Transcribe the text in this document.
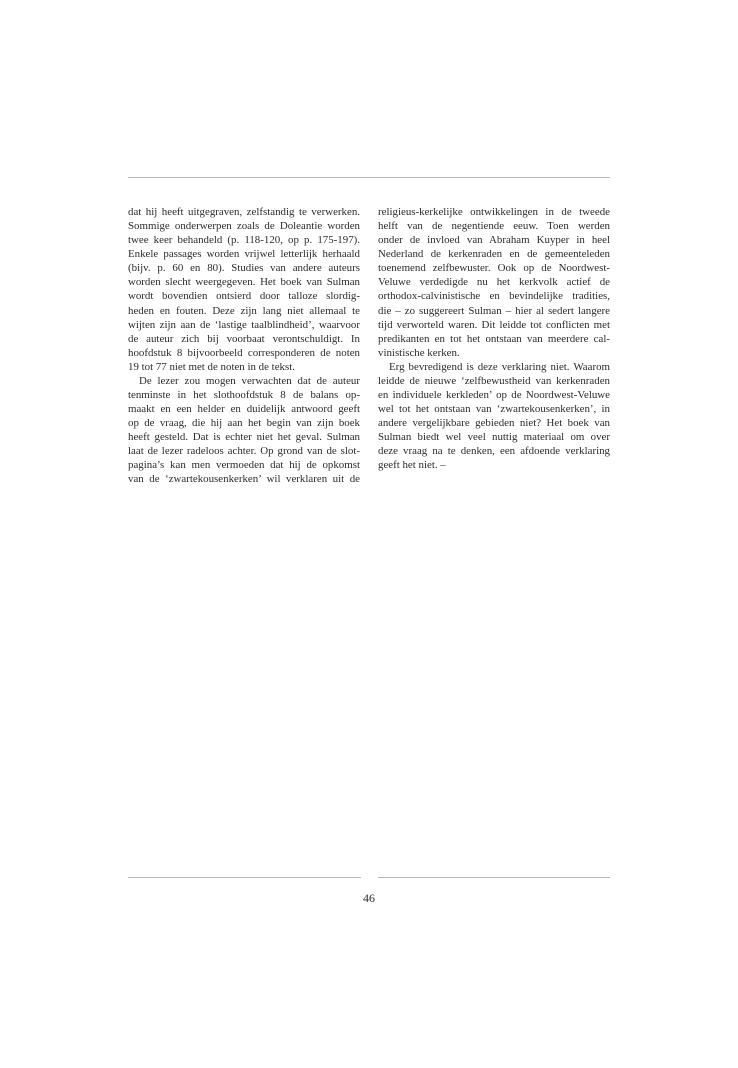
dat hij heeft uitgegraven, zelfstandig te verwerken.
Sommige onderwerpen zoals de Doleantie worden
twee keer behandeld (p. 118-120, op p. 175-197).
Enkele passages worden vrijwel letterlijk herhaald
(bijv. p. 60 en 80). Studies van andere auteurs
worden slecht weergegeven. Het boek van Sulman
wordt bovendien ontsierd door talloze slordig-
heden en fouten. Deze zijn lang niet allemaal te
wijten zijn aan de ‘lastige taalblindheid’, waarvoor
de auteur zich bij voorbaat verontschuldigt. In
hoofdstuk 8 bijvoorbeeld corresponderen de noten
19 tot 77 niet met de noten in de tekst.
De lezer zou mogen verwachten dat de auteur
tenminste in het slothoofdstuk 8 de balans op-
maakt en een helder en duidelijk antwoord geeft
op de vraag, die hij aan het begin van zijn boek
heeft gesteld. Dat is echter niet het geval. Sulman
laat de lezer radeloos achter. Op grond van de slot-
pagina’s kan men vermoeden dat hij de opkomst
van de ‘zwartekousenkerken’ wil verklaren uit de
religieus-kerkelijke ontwikkelingen in de tweede
helft van de negentiende eeuw. Toen werden
onder de invloed van Abraham Kuyper in heel
Nederland de kerkenraden en de gemeenteleden
toenemend zelfbewuster. Ook op de Noordwest-
Veluwe verdedigde nu het kerkvolk actief de
orthodox-calvinistische en bevindelijke tradities,
die – zo suggereert Sulman – hier al sedert langere
tijd verworteld waren. Dit leidde tot conflicten met
predikanten en tot het ontstaan van meerdere cal-
vinistische kerken.
Erg bevredigend is deze verklaring niet. Waarom
leidde de nieuwe ‘zelfbewustheid van kerkenraden
en individuele kerkleden’ op de Noordwest-Veluwe
wel tot het ontstaan van ‘zwartekousenkerken’, in
andere vergelijkbare gebieden niet? Het boek van
Sulman biedt wel veel nuttig materiaal om over
deze vraag na te denken, een afdoende verklaring
geeft het niet. –
46
